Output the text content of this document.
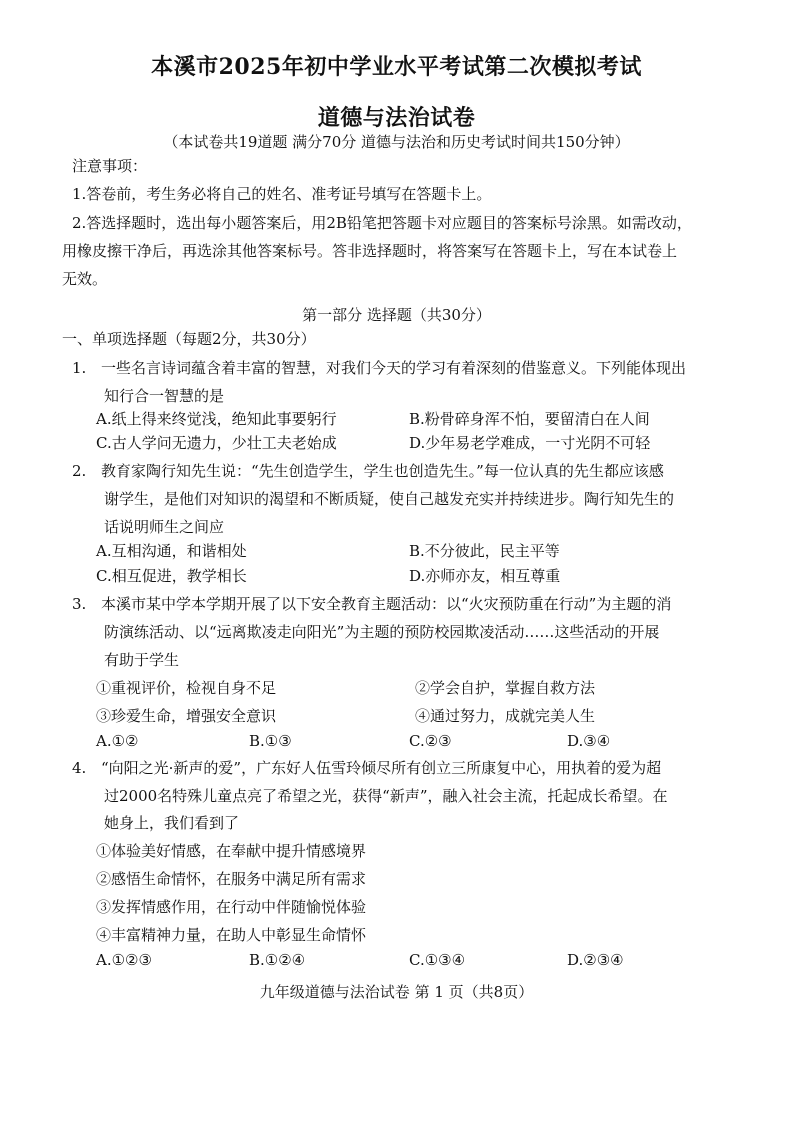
本溪市2025年初中学业水平考试第二次模拟考试
道德与法治试卷
（本试卷共19道题 满分70分 道德与法治和历史考试时间共150分钟）
注意事项：
1.答卷前，考生务必将自己的姓名、准考证号填写在答题卡上。
2.答选择题时，选出每小题答案后，用2B铅笔把答题卡对应题目的答案标号涂黑。如需改动，
用橡皮擦干净后，再选涂其他答案标号。答非选择题时，将答案写在答题卡上，写在本试卷上
无效。
第一部分 选择题（共30分）
一、单项选择题（每题2分，共30分）
1. 一些名言诗词蕴含着丰富的智慧，对我们今天的学习有着深刻的借鉴意义。下列能体现出
知行合一智慧的是
A.纸上得来终觉浅，绝知此事要躬行	B.粉骨碎身浑不怕，要留清白在人间
C.古人学问无遗力，少壮工夫老始成	D.少年易老学难成，一寸光阴不可轻
2. 教育家陶行知先生说：“先生创造学生，学生也创造先生。”每一位认真的先生都应该感
谢学生，是他们对知识的渴望和不断质疑，使自己越发充实并持续进步。陶行知先生的
话说明师生之间应
A.互相沟通，和谐相处	B.不分彼此，民主平等
C.相互促进，教学相长	D.亦师亦友，相互尊重
3. 本溪市某中学本学期开展了以下安全教育主题活动：以“火灾预防重在行动”为主题的消
防演练活动、以“远离欺凌走向阳光”为主题的预防校园欺凌活动……这些活动的开展
有助于学生
①重视评价，检视自身不足	②学会自护，掌握自救方法
③珍爱生命，增强安全意识	④通过努力，成就完美人生
A.①②	B.①③	C.②③	D.③④
4. “向阳之光·新声的爱”，广东好人伍雪玲倾尽所有创立三所康复中心，用执着的爱为超
过2000名特殊儿童点亮了希望之光，获得“新声”，融入社会主流，托起成长希望。在
她身上，我们看到了
①体验美好情感，在奉献中提升情感境界
②感悟生命情怀，在服务中满足所有需求
③发挥情感作用，在行动中伴随愉悦体验
④丰富精神力量，在助人中彰显生命情怀
A.①②③	B.①②④	C.①③④	D.②③④
九年级道德与法治试卷 第 1 页（共8页）
